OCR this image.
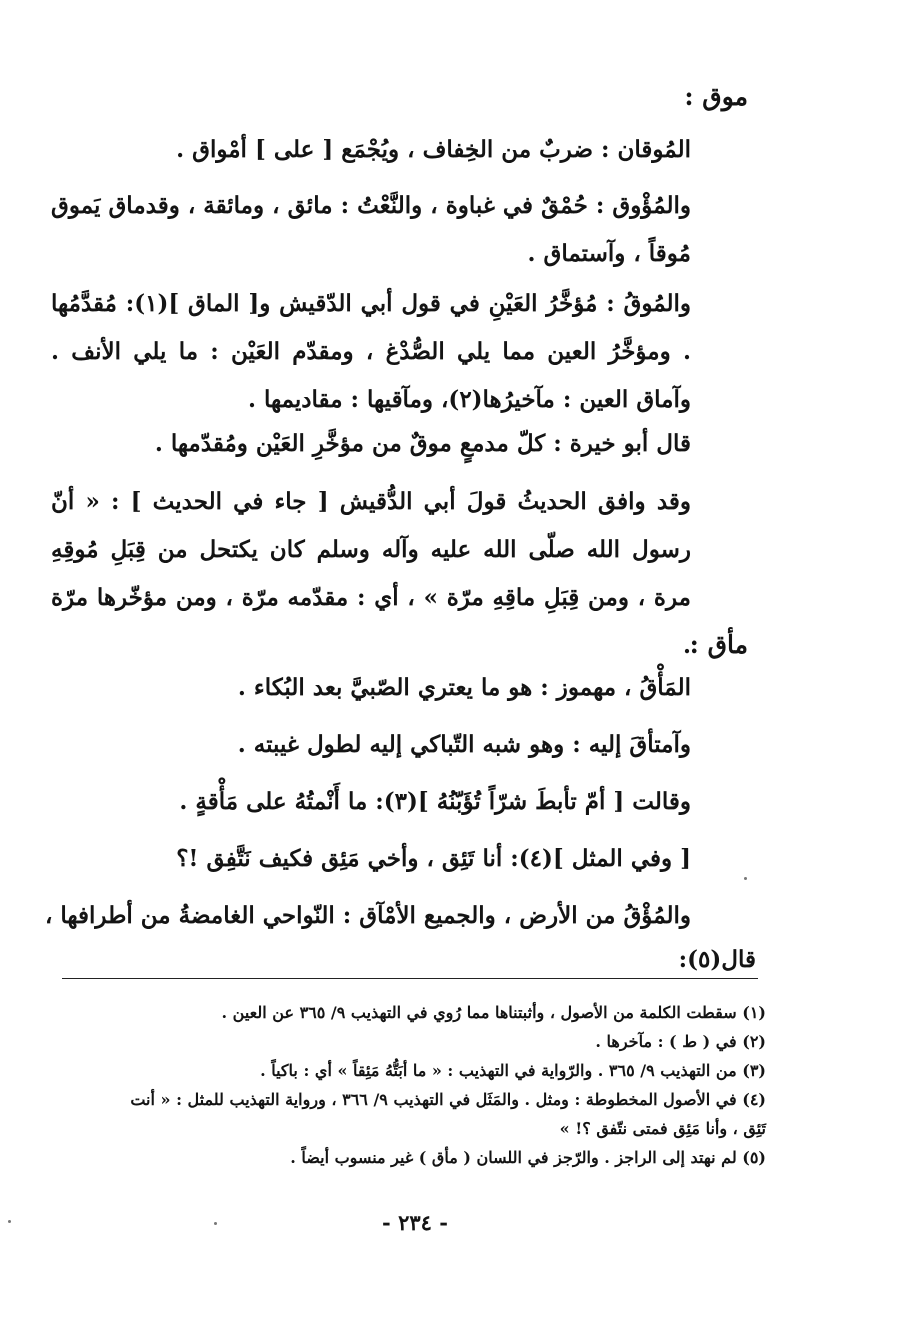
موق :

المُوقان : ضربٌ من الخِفاف ، ويُجْمَع [ على ] أمْواق .

والمُؤْوق : حُمْقٌ في غباوة ، والنَّعْتُ : مائق ، ومائقة ، وقدماق يَموق مُوقاً ، وآستماق .

والمُوقُ : مُؤخَّرُ العَيْنِ في قول أبي الدّقيش و[ الماق ](١): مُقدَّمُها . ومؤخَّرُ العين مما يلي الصُّدْغ ، ومقدّم العَيْن : ما يلي الأنف . وآماق العين : مآخيرُها(٢)، ومآقيها : مقاديمها .

قال أبو خيرة : كلّ مدمعٍ موقٌ من مؤخَّرِ العَيْن ومُقدّمها .

وقد وافق الحديثُ قولَ أبي الدُّقيش [ جاء في الحديث ] : « أنّ رسول الله صلّى الله عليه وآله وسلم كان يكتحل من قِبَلِ مُوقِهِ مرة ، ومن قِبَلِ ماقِهِ مرّة » ، أي : مقدّمه مرّة ، ومن مؤخّرها مرّة .

مأق :

المَأْقُ ، مهموز : هو ما يعتري الصّبيَّ بعد البُكاء .

وآمتأقَ إليه : وهو شبه التّباكي إليه لطول غيبته .

وقالت [ أمّ تأبطَ شرّاً تُؤَبّنُهُ ](٣): ما أَنْمتُهُ على مَأْقةٍ .

[ وفي المثل ](٤): أنا تَئِق ، وأخي مَئِق فكيف نَتَّفِق !؟

والمُؤْقُ من الأرض ، والجميع الأمْآق : النّواحي الغامضةُ من أطرافها ،

قال(٥):

(١) سقطت الكلمة من الأصول ، وأثبتناها مما رُوي في التهذيب ٩/ ٣٦٥ عن العين .

(٢) في ( ط ) : مآخرها .

(٣) من التهذيب ٩/ ٣٦٥ . والرّواية في التهذيب : « ما أبَتُّهُ مَئِقاً » أي : باكياً .

(٤) في الأصول المخطوطة : ومثل . والمَثَل في التهذيب ٩/ ٣٦٦ ، ورواية التهذيب للمثل : « أنت تَئِق ، وأنا مَئِق فمتى نتّفق ؟! »

(٥) لم نهتد إلى الراجز . والرّجز في اللسان ( مأق ) غير منسوب أيضاً .

- ٢٣٤ -
